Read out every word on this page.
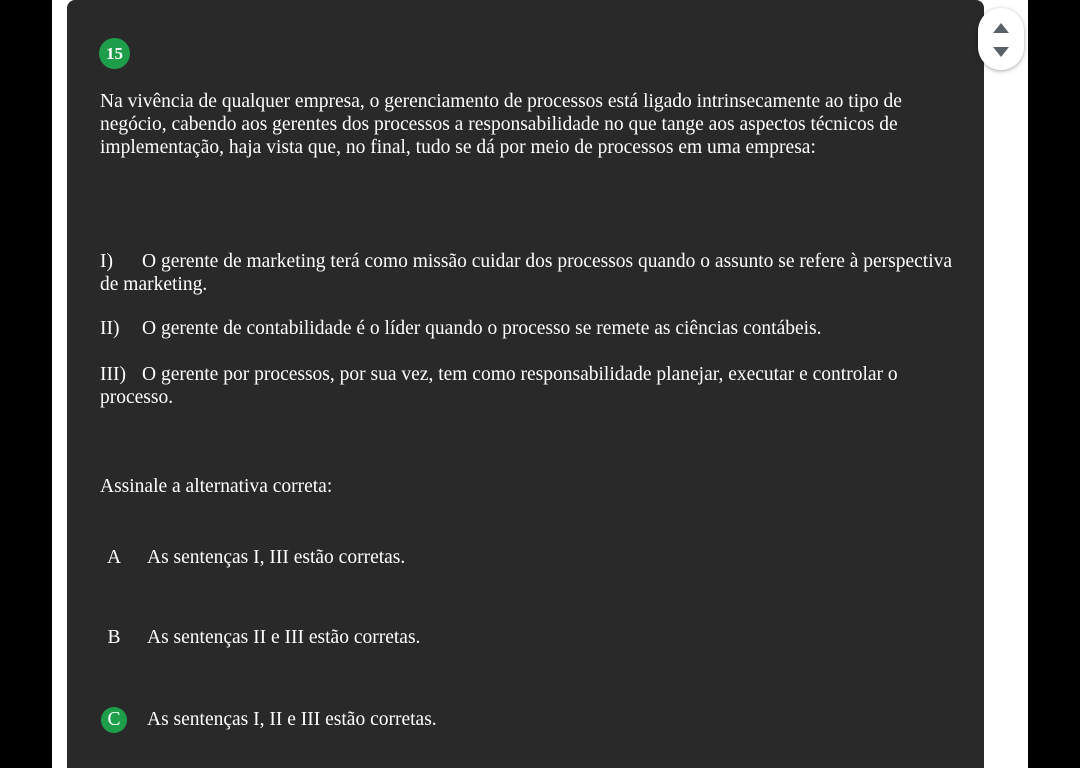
15

Na vivência de qualquer empresa, o gerenciamento de processos está ligado intrinsecamente ao tipo de negócio, cabendo aos gerentes dos processos a responsabilidade no que tange aos aspectos técnicos de implementação, haja vista que, no final, tudo se dá por meio de processos em uma empresa:

I) O gerente de marketing terá como missão cuidar dos processos quando o assunto se refere à perspectiva de marketing.

II) O gerente de contabilidade é o líder quando o processo se remete as ciências contábeis.

III) O gerente por processos, por sua vez, tem como responsabilidade planejar, executar e controlar o processo.

Assinale a alternativa correta:

A	As sentenças I, III estão corretas.
B	As sentenças II e III estão corretas.
C	As sentenças I, II e III estão corretas.
